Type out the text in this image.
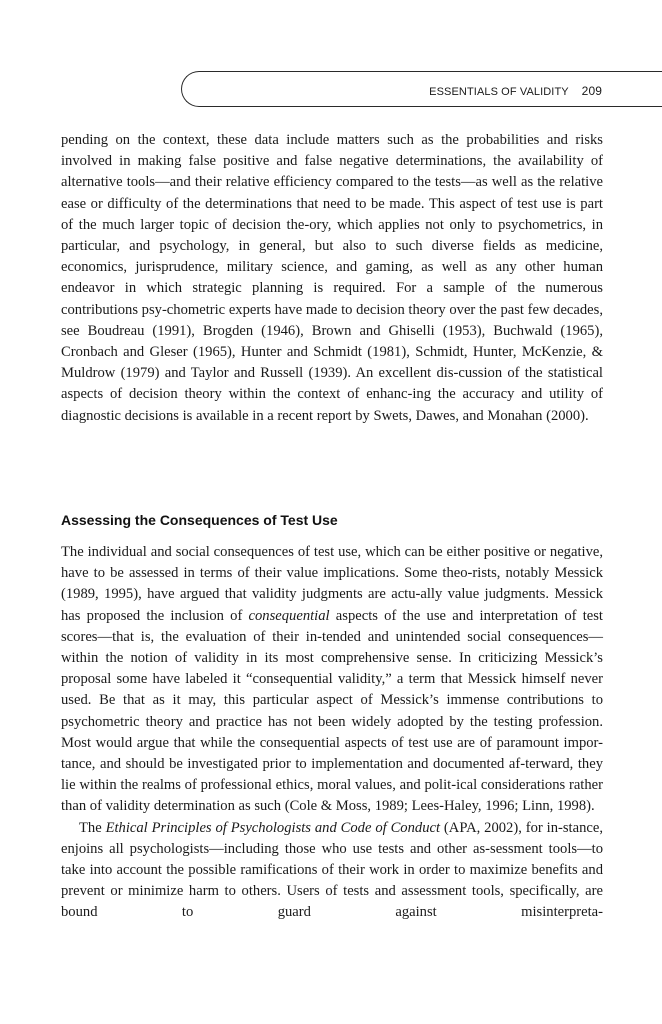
ESSENTIALS OF VALIDITY 209

pending on the context, these data include matters such as the probabilities and risks involved in making false positive and false negative determinations, the availability of alternative tools—and their relative efficiency compared to the tests—as well as the relative ease or difficulty of the determinations that need to be made. This aspect of test use is part of the much larger topic of decision the-ory, which applies not only to psychometrics, in particular, and psychology, in general, but also to such diverse fields as medicine, economics, jurisprudence, military science, and gaming, as well as any other human endeavor in which strategic planning is required. For a sample of the numerous contributions psy-chometric experts have made to decision theory over the past few decades, see Boudreau (1991), Brogden (1946), Brown and Ghiselli (1953), Buchwald (1965), Cronbach and Gleser (1965), Hunter and Schmidt (1981), Schmidt, Hunter, McKenzie, & Muldrow (1979) and Taylor and Russell (1939). An excellent dis-cussion of the statistical aspects of decision theory within the context of enhanc-ing the accuracy and utility of diagnostic decisions is available in a recent report by Swets, Dawes, and Monahan (2000).

Assessing the Consequences of Test Use

The individual and social consequences of test use, which can be either positive or negative, have to be assessed in terms of their value implications. Some theo-rists, notably Messick (1989, 1995), have argued that validity judgments are actu-ally value judgments. Messick has proposed the inclusion of consequential aspects of the use and interpretation of test scores—that is, the evaluation of their in-tended and unintended social consequences—within the notion of validity in its most comprehensive sense. In criticizing Messick’s proposal some have labeled it “consequential validity,” a term that Messick himself never used. Be that as it may, this particular aspect of Messick’s immense contributions to psychometric theory and practice has not been widely adopted by the testing profession. Most would argue that while the consequential aspects of test use are of paramount impor-tance, and should be investigated prior to implementation and documented af-terward, they lie within the realms of professional ethics, moral values, and polit-ical considerations rather than of validity determination as such (Cole & Moss, 1989; Lees-Haley, 1996; Linn, 1998).

The Ethical Principles of Psychologists and Code of Conduct (APA, 2002), for in-stance, enjoins all psychologists—including those who use tests and other as-sessment tools—to take into account the possible ramifications of their work in order to maximize benefits and prevent or minimize harm to others. Users of tests and assessment tools, specifically, are bound to guard against misinterpreta-
